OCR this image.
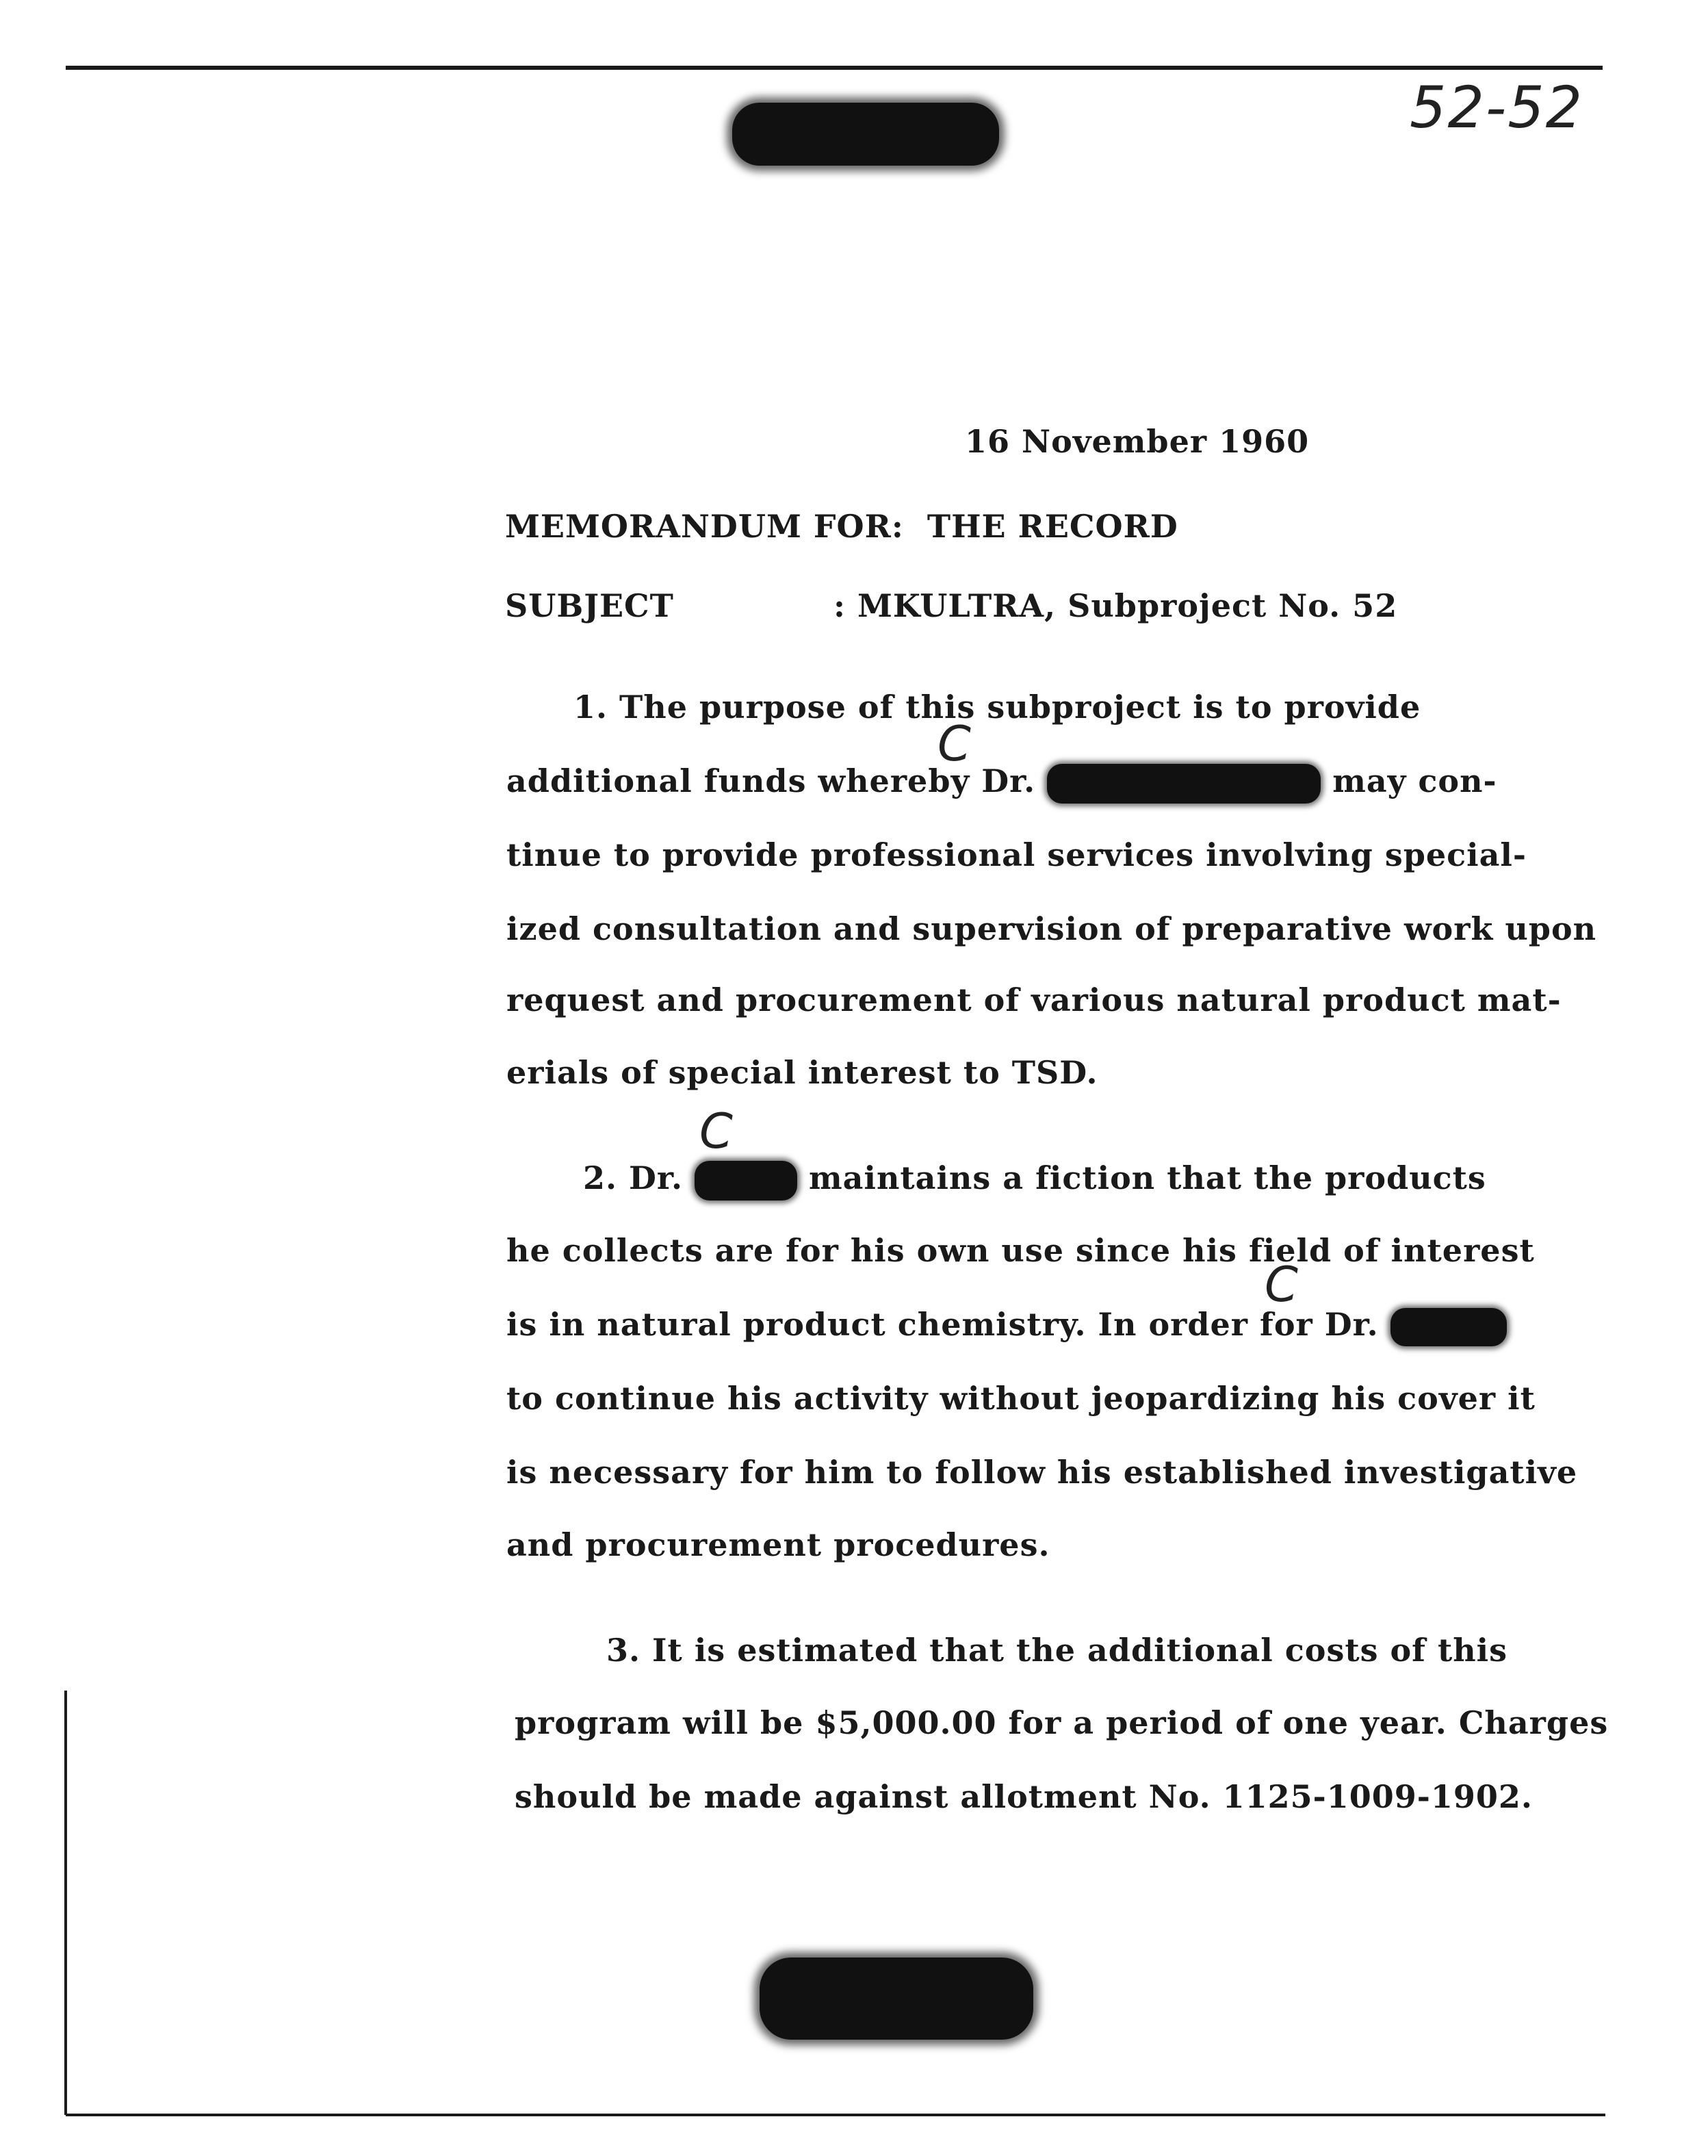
52-52
16 November 1960
MEMORANDUM FOR: THE RECORD
SUBJECT	: MKULTRA, Subproject No. 52
1. The purpose of this subproject is to provide
C
additional funds whereby Dr.	may con-
tinue to provide professional services involving special-
ized consultation and supervision of preparative work upon
request and procurement of various natural product mat-
erials of special interest to TSD.
C
2. Dr.	maintains a fiction that the products
he collects are for his own use since his field of interest
C
is in natural product chemistry. In order for Dr.
to continue his activity without jeopardizing his cover it
is necessary for him to follow his established investigative
and procurement procedures.
3. It is estimated that the additional costs of this
program will be $5,000.00 for a period of one year. Charges
should be made against allotment No. 1125-1009-1902.
